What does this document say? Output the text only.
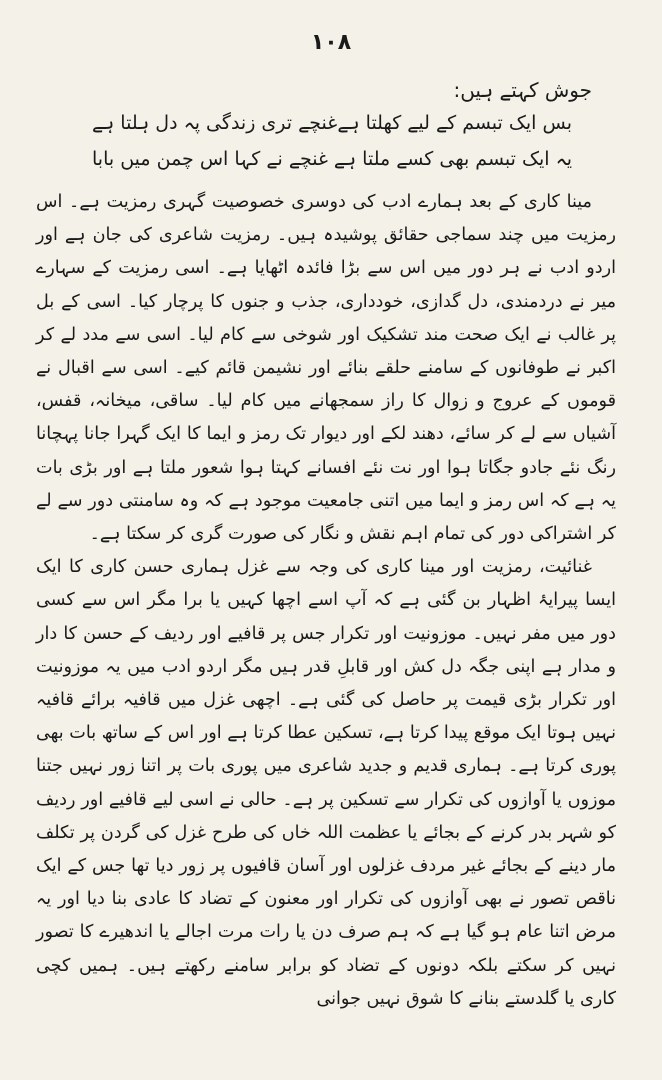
۱۰۸
جوش کہتے ہیں:
غنچے تری زندگی پہ دل ہلتا ہے بس ایک تبسم کے لیے کھلتا ہے
غنچے نے کہا اس چمن میں بابا یہ ایک تبسم بھی کسے ملتا ہے

مینا کاری کے بعد ہمارے ادب کی دوسری خصوصیت گہری رمزیت ہے۔ اس رمزیت میں چند سماجی حقائق پوشیدہ ہیں۔ رمزیت شاعری کی جان ہے اور اردو ادب نے ہر دور میں اس سے بڑا فائدہ اٹھایا ہے۔ اسی رمزیت کے سہارے میر نے دردمندی، دل گدازی، خودداری، جذب و جنوں کا پرچار کیا۔ اسی کے بل پر غالب نے ایک صحت مند تشکیک اور شوخی سے کام لیا۔ اسی سے مدد لے کر اکبر نے طوفانوں کے سامنے حلقے بنائے اور نشیمن قائم کیے۔ اسی سے اقبال نے قوموں کے عروج و زوال کا راز سمجھانے میں کام لیا۔ ساقی، میخانہ، قفس، آشیاں سے لے کر سائے، دھند لکے اور دیوار تک رمز و ایما کا ایک گہرا جانا پہچانا رنگ نئے جادو جگاتا ہوا اور نت نئے افسانے کہتا ہوا شعور ملتا ہے اور بڑی بات یہ ہے کہ اس رمز و ایما میں اتنی جامعیت موجود ہے کہ وہ سامنتی دور سے لے کر اشتراکی دور کی تمام اہم نقش و نگار کی صورت گری کر سکتا ہے۔

غنائیت، رمزیت اور مینا کاری کی وجہ سے غزل ہماری حسن کاری کا ایک ایسا پیرایۂ اظہار بن گئی ہے کہ آپ اسے اچھا کہیں یا برا مگر اس سے کسی دور میں مفر نہیں۔ موزونیت اور تکرار جس پر قافیے اور ردیف کے حسن کا دار و مدار ہے اپنی جگہ دل کش اور قابلِ قدر ہیں مگر اردو ادب میں یہ موزونیت اور تکرار بڑی قیمت پر حاصل کی گئی ہے۔ اچھی غزل میں قافیہ برائے قافیہ نہیں ہوتا ایک موقع پیدا کرتا ہے، تسکین عطا کرتا ہے اور اس کے ساتھ بات بھی پوری کرتا ہے۔ ہماری قدیم و جدید شاعری میں پوری بات پر اتنا زور نہیں جتنا موزوں یا آوازوں کی تکرار سے تسکین پر ہے۔ حالی نے اسی لیے قافیے اور ردیف کو شہر بدر کرنے کے بجائے یا عظمت اللہ خاں کی طرح غزل کی گردن پر تکلف مار دینے کے بجائے غیر مردف غزلوں اور آسان قافیوں پر زور دیا تھا جس کے ایک ناقص تصور نے بھی آوازوں کی تکرار اور معنون کے تضاد کا عادی بنا دیا اور یہ مرض اتنا عام ہو گیا ہے کہ ہم صرف دن یا رات مرت اجالے یا اندھیرے کا تصور نہیں کر سکتے بلکہ دونوں کے تضاد کو برابر سامنے رکھتے ہیں۔ ہمیں کچی کاری یا گلدستے بنانے کا شوق نہیں جوانی
